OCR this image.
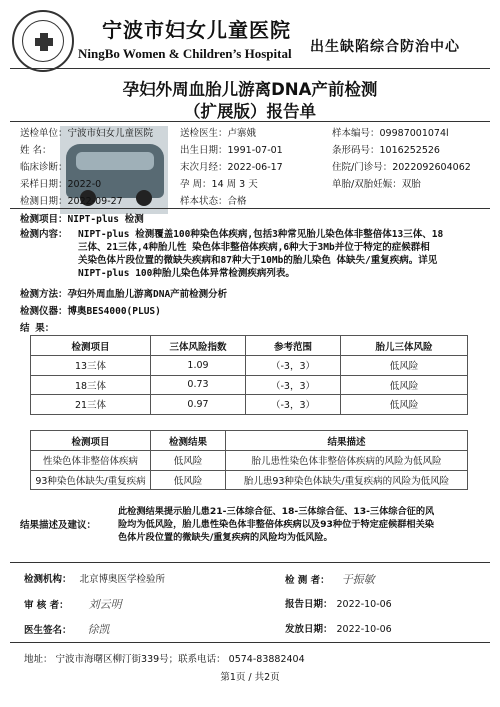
宁波市妇女儿童医院
NingBo Women & Children’s Hospital 出生缺陷综合防治中心
孕妇外周血胎儿游离DNA产前检测
（扩展版）报告单
送检单位：宁波市妇女儿童医院	送检医生：卢寨娥	样本编号：09987001074l
姓 名：	出生日期：1991-07-01	条形码号：1016252526
临床诊断：	末次月经：2022-06-17	住院/门诊号：2022092604062
采样日期：2022-0	孕 周：14 周 3 天	单胎/双胎妊娠：双胎
检测日期：2022-09-27	样本状态：合格
检测项目：NIPT-plus 检测
检测内容： NIPT-plus 检测覆盖100种染色体疾病,包括3种常见胎儿染色体非整倍体13三体、18
三体、21三体,4种胎儿性 染色体非整倍体疾病,6种大于3Mb并位于特定的症候群相
关染色体片段位置的微缺失疾病和87种大于10Mb的胎儿染色 体缺失/重复疾病。详见
NIPT-plus 100种胎儿染色体异常检测疾病列表。
检测方法：孕妇外周血胎儿游离DNA产前检测分析
检测仪器：博奥BES4000(PLUS)
结 果：
检测项目	三体风险指数	参考范围	胎儿三体风险
13三体	1.09	（-3，3）	低风险
18三体	0.73	（-3，3）	低风险
21三体	0.97	（-3，3）	低风险
检测项目	检测结果	结果描述
性染色体非整倍体疾病	低风险	胎儿患性染色体非整倍体疾病的风险为低风险
93种染色体缺失/重复疾病	低风险	胎儿患93种染色体缺失/重复疾病的风险为低风险
结果描述及建议：
此检测结果提示胎儿患21-三体综合征、18-三体综合征、13-三体综合征的风
险均为低风险，胎儿患性染色体非整倍体疾病以及93种位于特定症候群相关染
色体片段位置的微缺失/重复疾病的风险均为低风险。
检测机构： 北京博奥医学检验所	检 测 者： 于振敏
审 核 者： 刘云明	报告日期： 2022-10-06
医生签名： 徐凯	发放日期： 2022-10-06
地址： 宁波市海曙区柳汀街339号；联系电话： 0574-83882404
第1页 / 共2页
